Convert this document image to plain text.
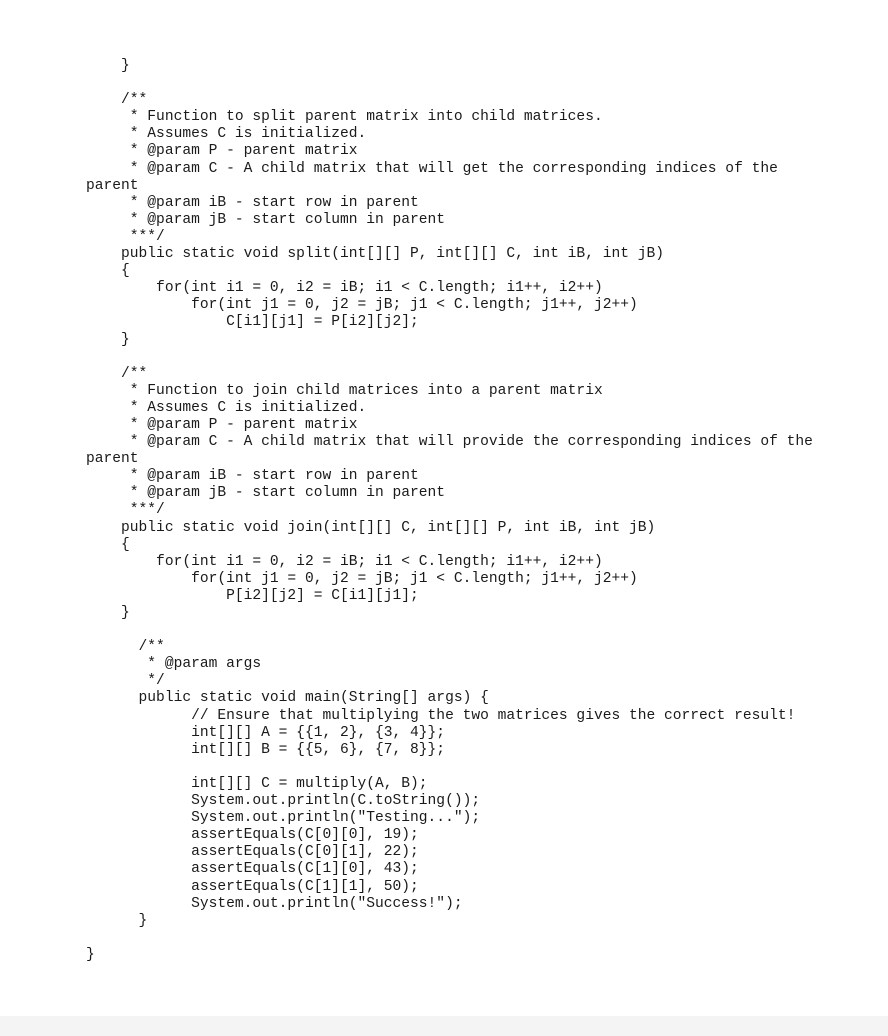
}

/**
* Function to split parent matrix into child matrices.
* Assumes C is initialized.
* @param P - parent matrix
* @param C - A child matrix that will get the corresponding indices of the
parent
* @param iB - start row in parent
* @param jB - start column in parent
***/
public static void split(int[][] P, int[][] C, int iB, int jB)
{
for(int i1 = 0, i2 = iB; i1 < C.length; i1++, i2++)
for(int j1 = 0, j2 = jB; j1 < C.length; j1++, j2++)
C[i1][j1] = P[i2][j2];
}

/**
* Function to join child matrices into a parent matrix
* Assumes C is initialized.
* @param P - parent matrix
* @param C - A child matrix that will provide the corresponding indices of the
parent
* @param iB - start row in parent
* @param jB - start column in parent
***/
public static void join(int[][] C, int[][] P, int iB, int jB)
{
for(int i1 = 0, i2 = iB; i1 < C.length; i1++, i2++)
for(int j1 = 0, j2 = jB; j1 < C.length; j1++, j2++)
P[i2][j2] = C[i1][j1];
}

/**
* @param args
*/
public static void main(String[] args) {
// Ensure that multiplying the two matrices gives the correct result!
int[][] A = {{1, 2}, {3, 4}};
int[][] B = {{5, 6}, {7, 8}};

int[][] C = multiply(A, B);
System.out.println(C.toString());
System.out.println("Testing...");
assertEquals(C[0][0], 19);
assertEquals(C[0][1], 22);
assertEquals(C[1][0], 43);
assertEquals(C[1][1], 50);
System.out.println("Success!");
}

}
